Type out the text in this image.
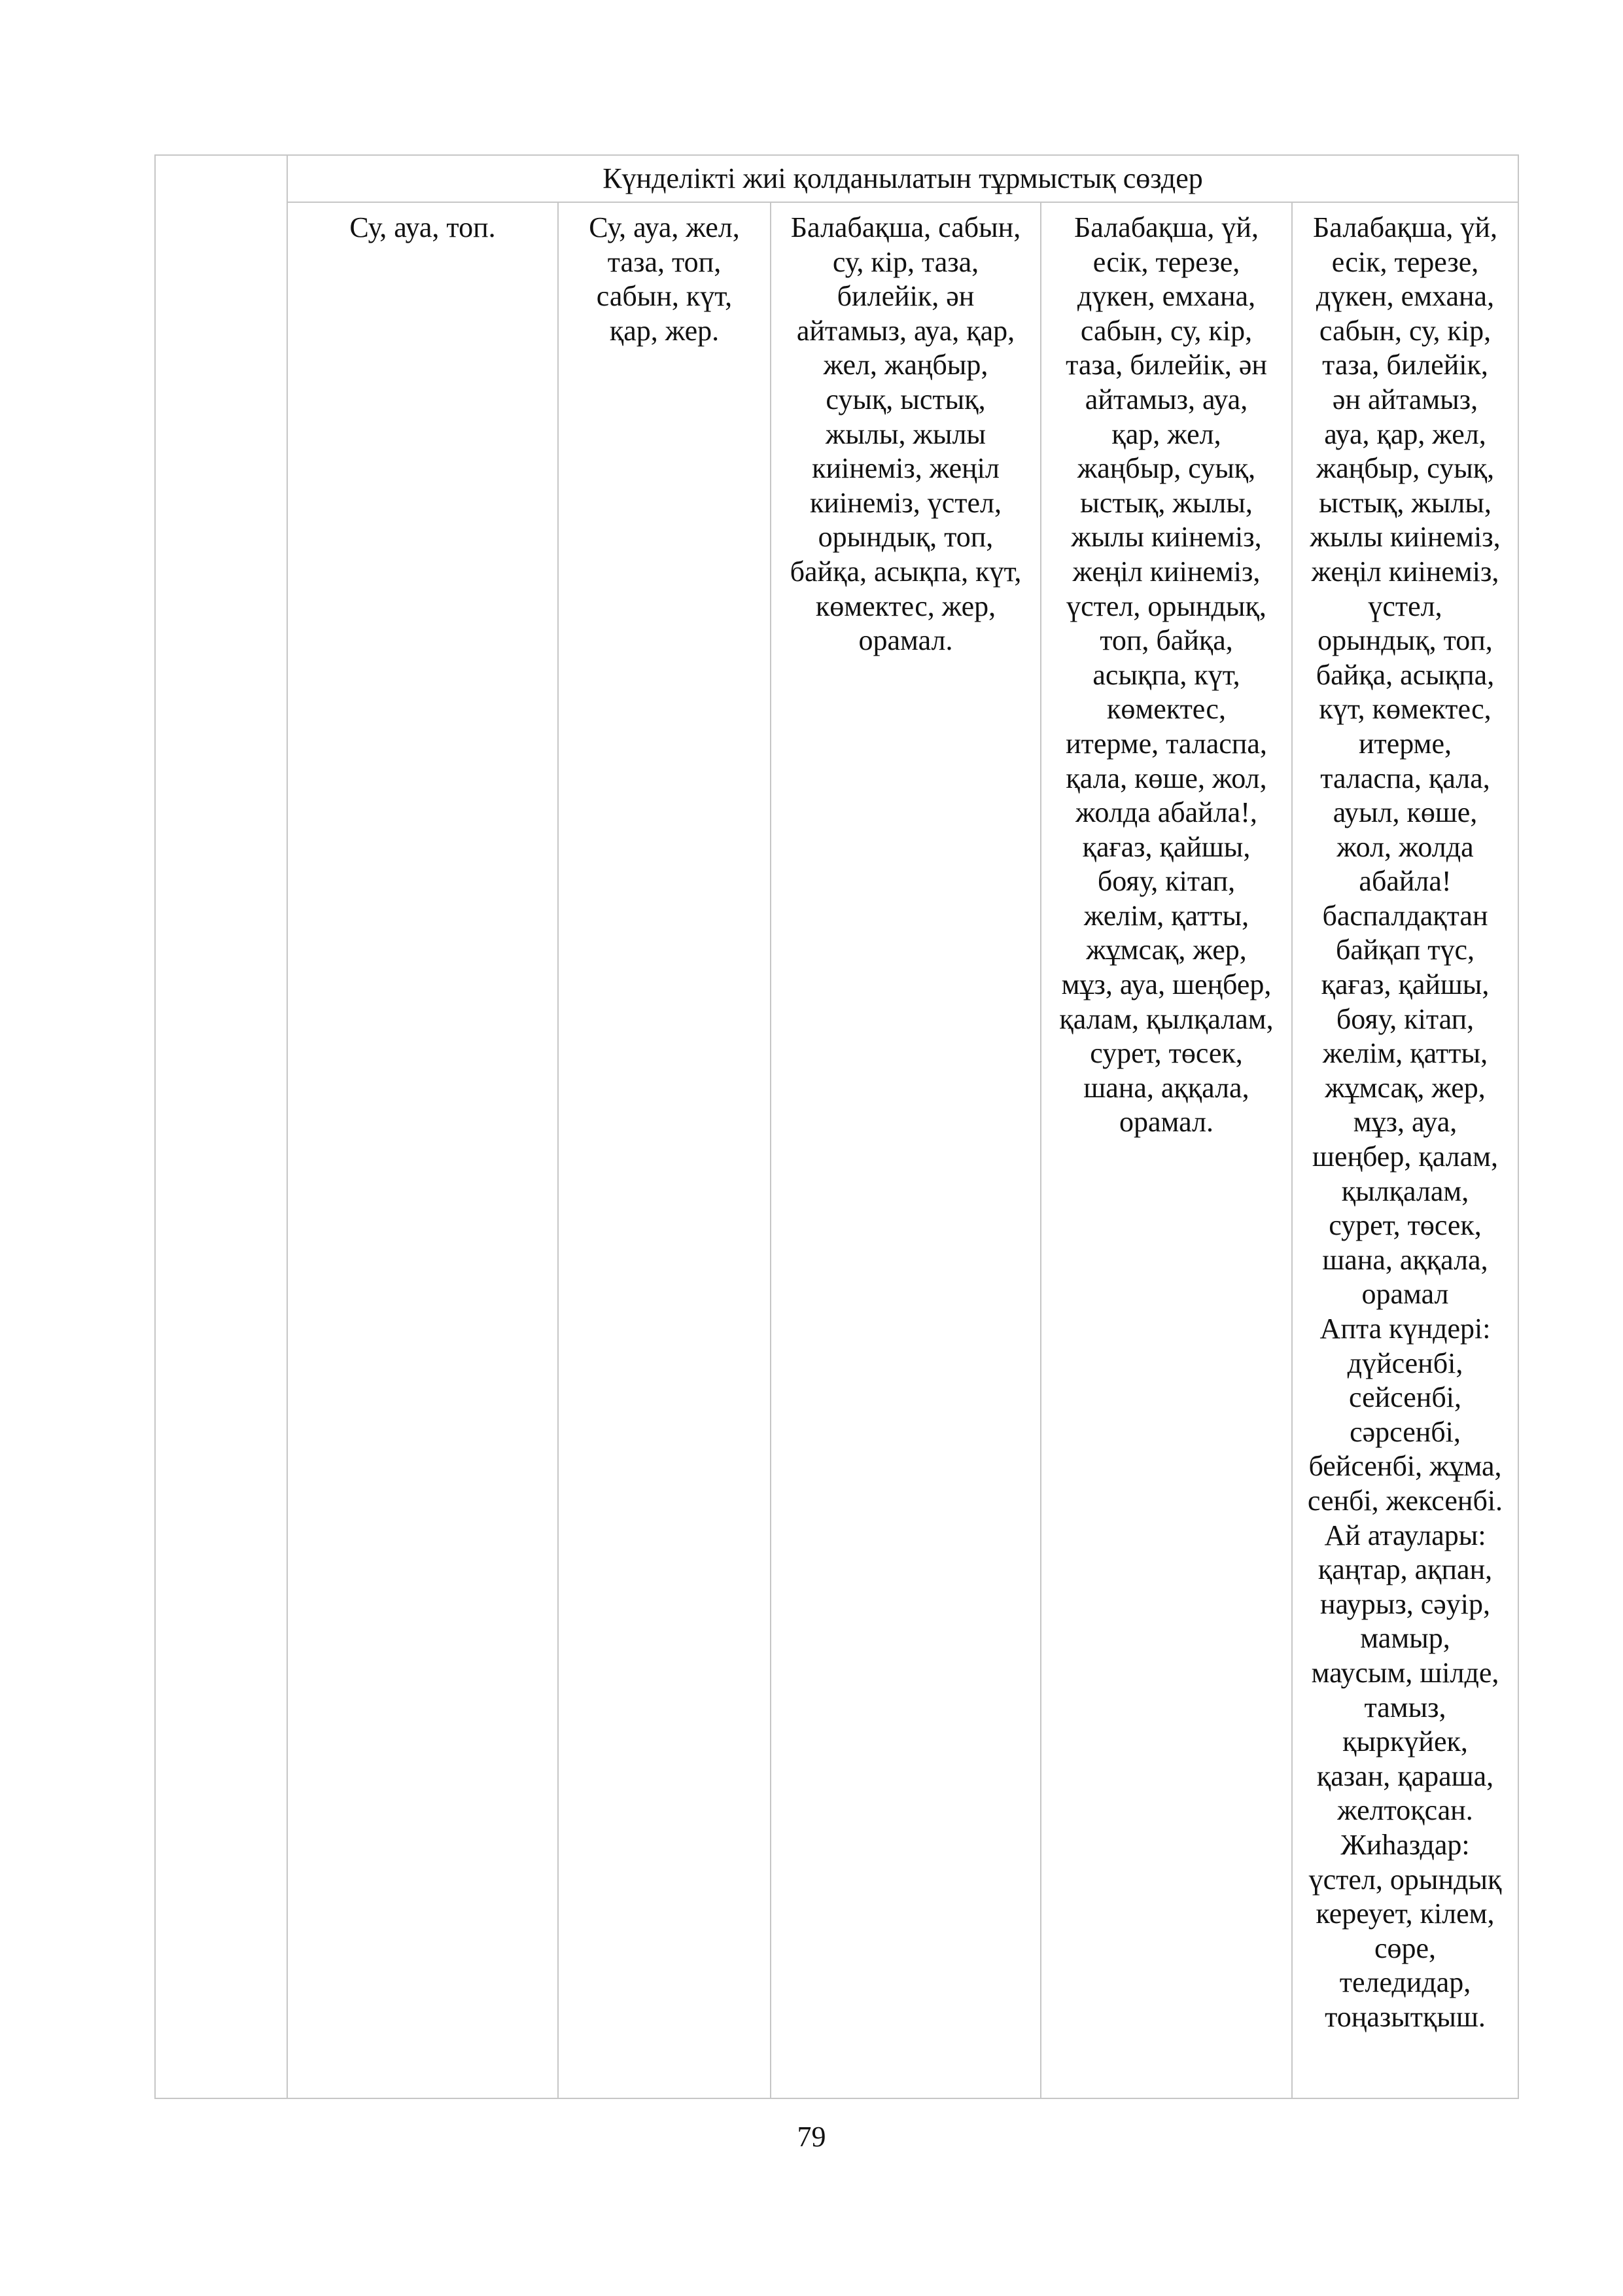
Күнделікті жиі қолданылатын тұрмыстық сөздер
Су, ауа, топ.	Су, ауа, жел,
таза, топ,
сабын, күт,
қар, жер.
Балабақша, сабын,
су, кір, таза,
билейік, ән
айтамыз, ауа, қар,
жел, жаңбыр,
суық, ыстық,
жылы, жылы
киінеміз, жеңіл
киінеміз, үстел,
орындық, топ,
байқа, асықпа, күт,
көмектес, жер,
орамал.
Балабақша, үй,
есік, терезе,
дүкен, емхана,
сабын, су, кір,
таза, билейік, ән
айтамыз, ауа,
қар, жел,
жаңбыр, суық,
ыстық, жылы,
жылы киінеміз,
жеңіл киінеміз,
үстел, орындық,
топ, байқа,
асықпа, күт,
көмектес,
итерме, таласпа,
қала, көше, жол,
жолда абайла!,
қағаз, қайшы,
бояу, кітап,
желім, қатты,
жұмсақ, жер,
мұз, ауа, шеңбер,
қалам, қылқалам,
сурет, төсек,
шана, аққала,
орамал.
Балабақша, үй,
есік, терезе,
дүкен, емхана,
сабын, су, кір,
таза, билейік,
ән айтамыз,
ауа, қар, жел,
жаңбыр, суық,
ыстық, жылы,
жылы киінеміз,
жеңіл киінеміз,
үстел,
орындық, топ,
байқа, асықпа,
күт, көмектес,
итерме,
таласпа, қала,
ауыл, көше,
жол, жолда
абайла!
баспалдақтан
байқап түс,
қағаз, қайшы,
бояу, кітап,
желім, қатты,
жұмсақ, жер,
мұз, ауа,
шеңбер, қалам,
қылқалам,
сурет, төсек,
шана, аққала,
орамал
Апта күндері:
дүйсенбі,
сейсенбі,
сәрсенбі,
бейсенбі, жұма,
сенбі, жексенбі.
Ай атаулары:
қаңтар, ақпан,
наурыз, сәуір,
мамыр,
маусым, шілде,
тамыз,
қыркүйек,
қазан, қараша,
желтоқсан.
Жиһаздар:
үстел, орындық
кереует, кілем,
сөре,
теледидар,
тоңазытқыш.
79
